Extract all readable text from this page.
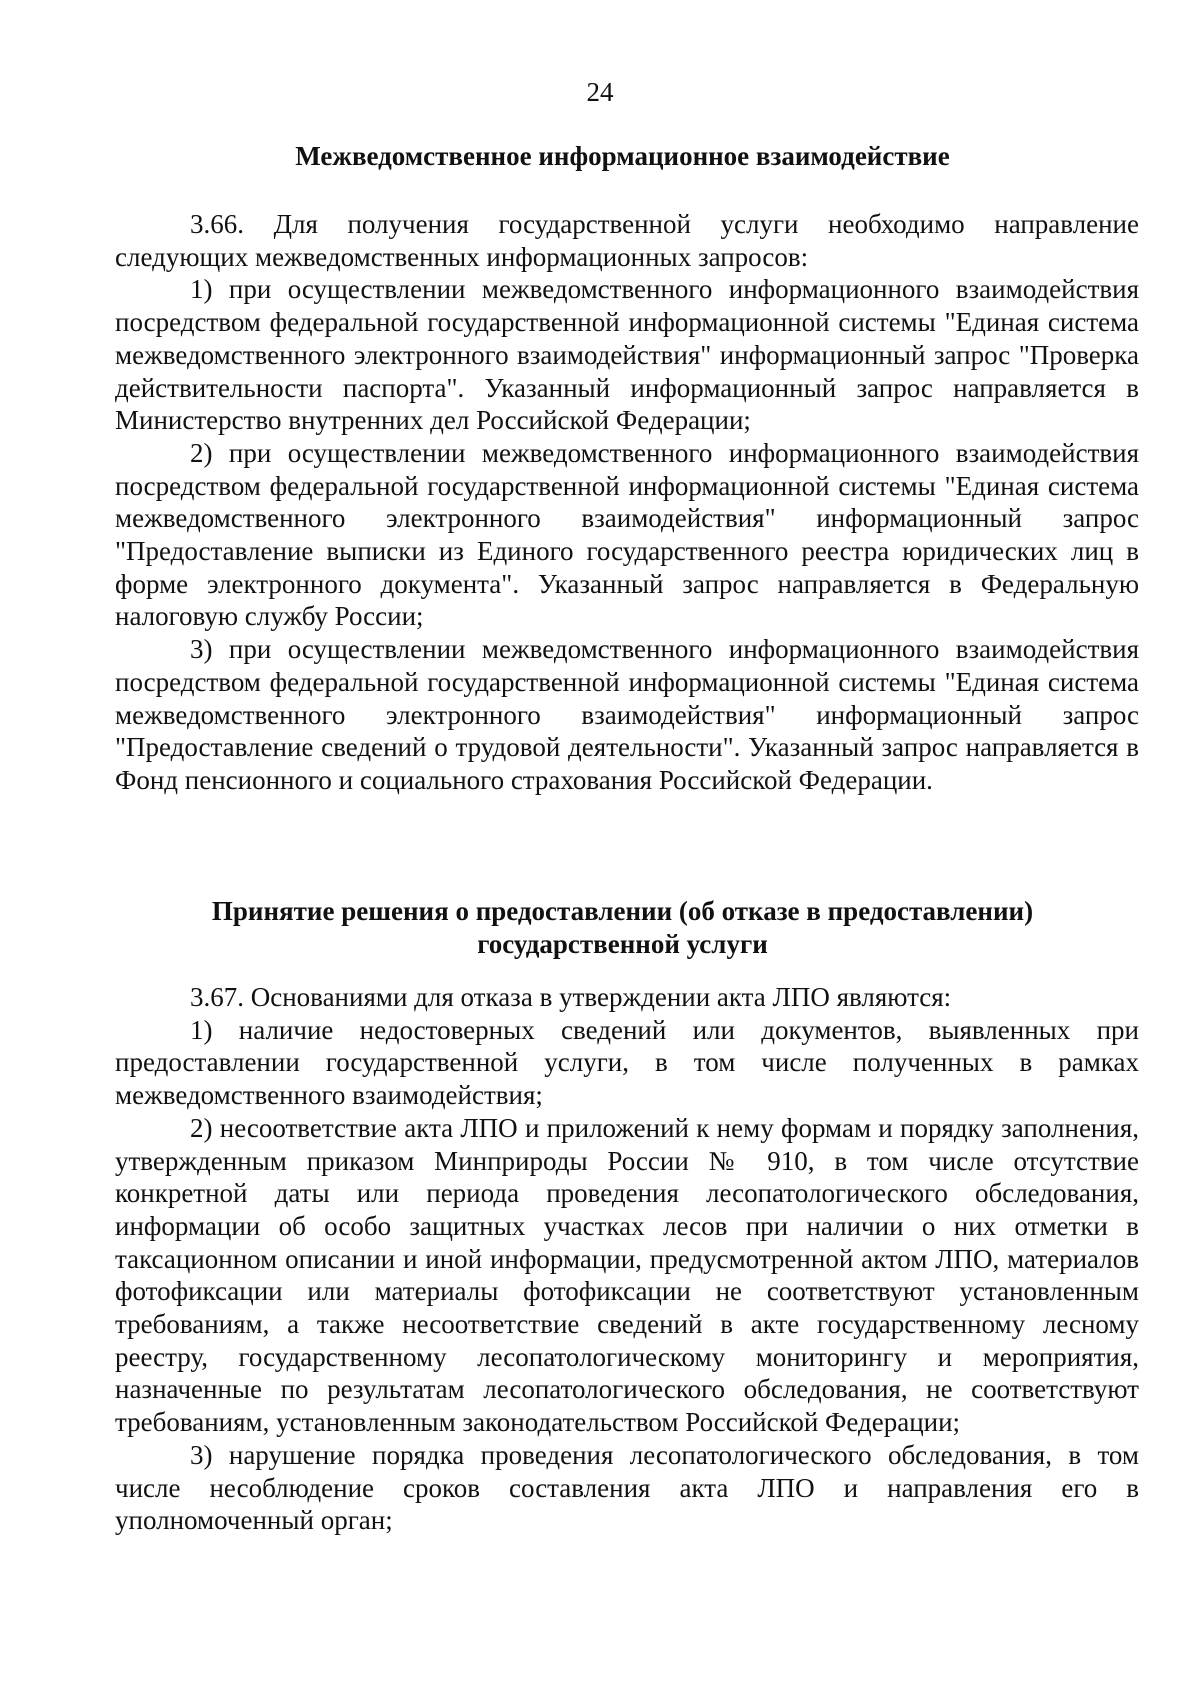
24
Межведомственное информационное взаимодействие

3.66. Для получения государственной услуги необходимо направление следующих межведомственных информационных запросов:

1) при осуществлении межведомственного информационного взаимодействия посредством федеральной государственной информационной системы "Единая система межведомственного электронного взаимодействия" информационный запрос "Проверка действительности паспорта". Указанный информационный запрос направляется в Министерство внутренних дел Российской Федерации;

2) при осуществлении межведомственного информационного взаимодействия посредством федеральной государственной информационной системы "Единая система межведомственного электронного взаимодействия" информационный запрос "Предоставление выписки из Единого государственного реестра юридических лиц в форме электронного документа". Указанный запрос направляется в Федеральную налоговую службу России;

3) при осуществлении межведомственного информационного взаимодействия посредством федеральной государственной информационной системы "Единая система межведомственного электронного взаимодействия" информационный запрос "Предоставление сведений о трудовой деятельности". Указанный запрос направляется в Фонд пенсионного и социального страхования Российской Федерации.

Принятие решения о предоставлении (об отказе в предоставлении)
государственной услуги

3.67. Основаниями для отказа в утверждении акта ЛПО являются:

1) наличие недостоверных сведений или документов, выявленных при предоставлении государственной услуги, в том числе полученных в рамках межведомственного взаимодействия;

2) несоответствие акта ЛПО и приложений к нему формам и порядку заполнения, утвержденным приказом Минприроды России № 910, в том числе отсутствие конкретной даты или периода проведения лесопатологического обследования, информации об особо защитных участках лесов при наличии о них отметки в таксационном описании и иной информации, предусмотренной актом ЛПО, материалов фотофиксации или материалы фотофиксации не соответствуют установленным требованиям, а также несоответствие сведений в акте государственному лесному реестру, государственному лесопатологическому мониторингу и мероприятия, назначенные по результатам лесопатологического обследования, не соответствуют требованиям, установленным законодательством Российской Федерации;

3) нарушение порядка проведения лесопатологического обследования, в том числе несоблюдение сроков составления акта ЛПО и направления его в уполномоченный орган;
